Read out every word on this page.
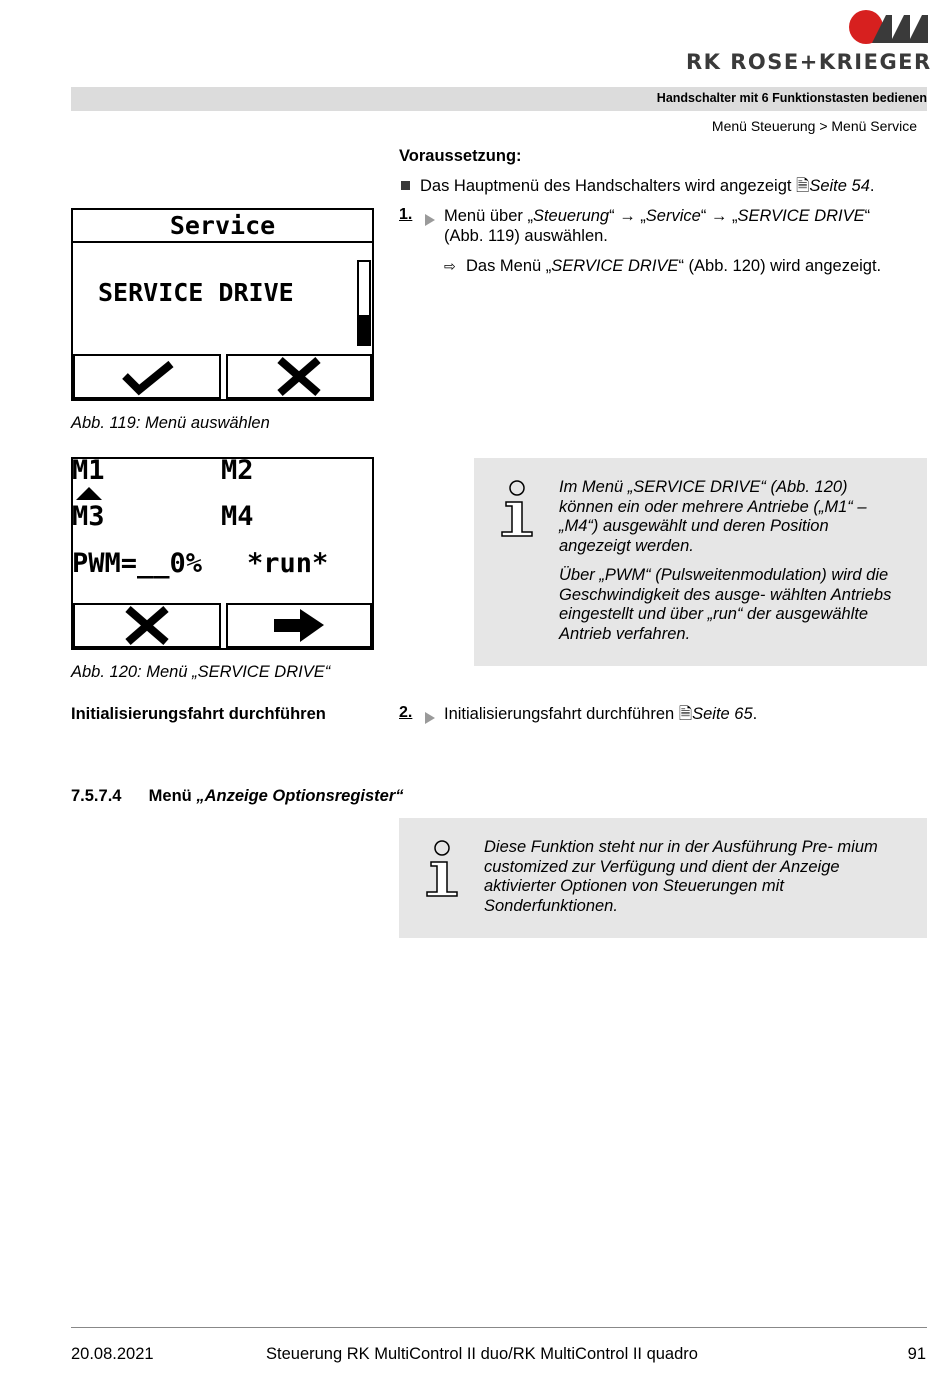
RK ROSE+KRIEGER
Handschalter mit 6 Funktionstasten bedienen
Menü Steuerung > Menü Service
Voraussetzung:
Das Hauptmenü des Handschalters wird angezeigt 🗎Seite 54.
1.	Menü über „Steuerung“ → „Service“ → „SERVICE DRIVE“
(Abb. 119) auswählen.
⇨ Das Menü „SERVICE DRIVE“ (Abb. 120) wird angezeigt.
Service
SERVICE DRIVE
Abb. 119: Menü auswählen
M1	M2
M3	M4
PWM=__0% *run*
Abb. 120: Menü „SERVICE DRIVE“
Im Menü „SERVICE DRIVE“ (Abb. 120) können ein oder mehrere Antriebe („M1“ – „M4“) ausgewählt und deren Position angezeigt werden.
Über „PWM“ (Pulsweitenmodulation) wird die Geschwindigkeit des ausge- wählten Antriebs eingestellt und über „run“ der ausgewählte Antrieb verfahren.
Initialisierungsfahrt durchführen	2.	Initialisierungsfahrt durchführen 🗎Seite 65.
7.5.7.4 Menü „Anzeige Optionsregister“
Diese Funktion steht nur in der Ausführung Pre- mium customized zur Verfügung und dient der Anzeige aktivierter Optionen von Steuerungen mit Sonderfunktionen.
20.08.2021	Steuerung RK MultiControl II duo/RK MultiControl II quadro	91
